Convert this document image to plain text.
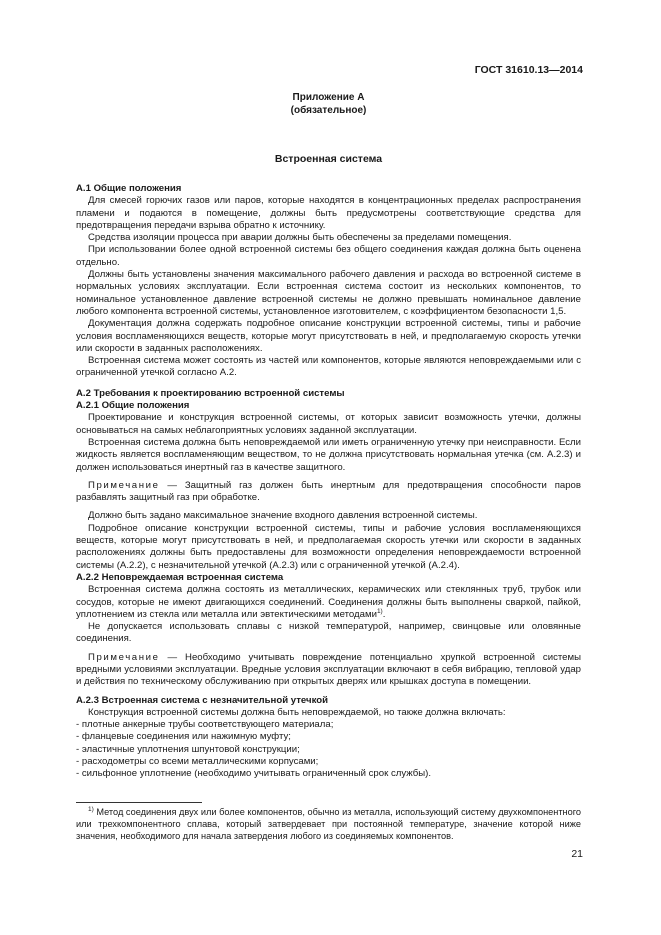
ГОСТ 31610.13—2014
Приложение А
(обязательное)
Встроенная система

А.1 Общие положения

Для смесей горючих газов или паров, которые находятся в концентрационных пределах распространения пламени и подаются в помещение, должны быть предусмотрены соответствующие средства для предотвращения передачи взрыва обратно к источнику.

Средства изоляции процесса при аварии должны быть обеспечены за пределами помещения.

При использовании более одной встроенной системы без общего соединения каждая должна быть оценена отдельно.

Должны быть установлены значения максимального рабочего давления и расхода во встроенной системе в нормальных условиях эксплуатации. Если встроенная система состоит из нескольких компонентов, то номинальное установленное давление встроенной системы не должно превышать номинальное давление любого компонента встроенной системы, установленное изготовителем, с коэффициентом безопасности 1,5.

Документация должна содержать подробное описание конструкции встроенной системы, типы и рабочие условия воспламеняющихся веществ, которые могут присутствовать в ней, и предполагаемую скорость утечки или скорости в заданных расположениях.

Встроенная система может состоять из частей или компонентов, которые являются неповреждаемыми или с ограниченной утечкой согласно А.2.

А.2 Требования к проектированию встроенной системы

А.2.1 Общие положения

Проектирование и конструкция встроенной системы, от которых зависит возможность утечки, должны основываться на самых неблагоприятных условиях заданной эксплуатации.

Встроенная система должна быть неповреждаемой или иметь ограниченную утечку при неисправности. Если жидкость является воспламеняющим веществом, то не должна присутствовать нормальная утечка (см. А.2.3) и должен использоваться инертный газ в качестве защитного.

Примечание — Защитный газ должен быть инертным для предотвращения способности паров разбавлять защитный газ при обработке.

Должно быть задано максимальное значение входного давления встроенной системы.

Подробное описание конструкции встроенной системы, типы и рабочие условия воспламеняющихся веществ, которые могут присутствовать в ней, и предполагаемая скорость утечки или скорости в заданных расположениях должны быть предоставлены для возможности определения неповреждаемости встроенной системы (А.2.2), с незначительной утечкой (А.2.3) или с ограниченной утечкой (А.2.4).

А.2.2 Неповреждаемая встроенная система

Встроенная система должна состоять из металлических, керамических или стеклянных труб, трубок или сосудов, которые не имеют двигающихся соединений. Соединения должны быть выполнены сваркой, пайкой, уплотнением из стекла или металла или эвтектическими методами$^{1)}$.

Не допускается использовать сплавы с низкой температурой, например, свинцовые или оловянные соединения.

Примечание — Необходимо учитывать повреждение потенциально хрупкой встроенной системы вредными условиями эксплуатации. Вредные условия эксплуатации включают в себя вибрацию, тепловой удар и действия по техническому обслуживанию при открытых дверях или крышках доступа в помещении.

А.2.3 Встроенная система с незначительной утечкой

Конструкция встроенной системы должна быть неповреждаемой, но также должна включать:

- плотные анкерные трубы соответствующего материала;

- фланцевые соединения или нажимную муфту;

- эластичные уплотнения шпунтовой конструкции;

- расходометры со всеми металлическими корпусами;

- сильфонное уплотнение (необходимо учитывать ограниченный срок службы).

$^{1)}$ Метод соединения двух или более компонентов, обычно из металла, использующий систему двухкомпонентного или трехкомпонентного сплава, который затвердевает при постоянной температуре, значение которой ниже значения, необходимого для начала затвердения любого из соединяемых компонентов.

21
